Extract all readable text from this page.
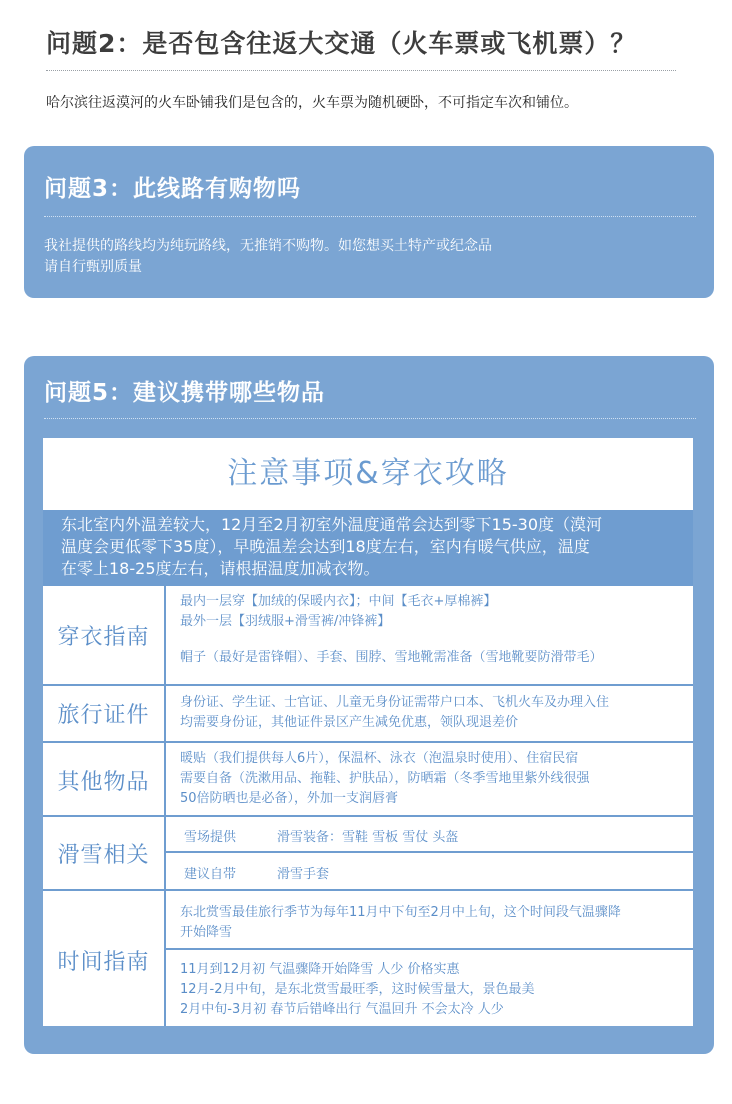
问题2：是否包含往返大交通（火车票或飞机票）？
哈尔滨往返漠河的火车卧铺我们是包含的，火车票为随机硬卧，不可指定车次和铺位。
问题3：此线路有购物吗
我社提供的路线均为纯玩路线，无推销不购物。如您想买土特产或纪念品
请自行甄别质量
问题5：建议携带哪些物品
注意事项&穿衣攻略
东北室内外温差较大，12月至2月初室外温度通常会达到零下15-30度（漠河
温度会更低零下35度），早晚温差会达到18度左右，室内有暖气供应，温度
在零上18-25度左右，请根据温度加减衣物。
穿衣指南
最内一层穿【加绒的保暖内衣】；中间【毛衣+厚棉裤】
最外一层【羽绒服+滑雪裤/冲锋裤】
帽子（最好是雷锋帽）、手套、围脖、雪地靴需准备（雪地靴要防滑带毛）
旅行证件
身份证、学生证、士官证、儿童无身份证需带户口本、飞机火车及办理入住
均需要身份证，其他证件景区产生减免优惠，领队现退差价
其他物品
暖贴（我们提供每人6片），保温杯、泳衣（泡温泉时使用）、住宿民宿
需要自备（洗漱用品、拖鞋、护肤品），防晒霜（冬季雪地里紫外线很强
50倍防晒也是必备），外加一支润唇膏
滑雪相关
雪场提供	滑雪装备：雪鞋 雪板 雪仗 头盔
建议自带	滑雪手套
时间指南
东北赏雪最佳旅行季节为每年11月中下旬至2月中上旬，这个时间段气温骤降
开始降雪
11月到12月初 气温骤降开始降雪 人少 价格实惠
12月-2月中旬，是东北赏雪最旺季，这时候雪量大，景色最美
2月中旬-3月初 春节后错峰出行 气温回升 不会太冷 人少
